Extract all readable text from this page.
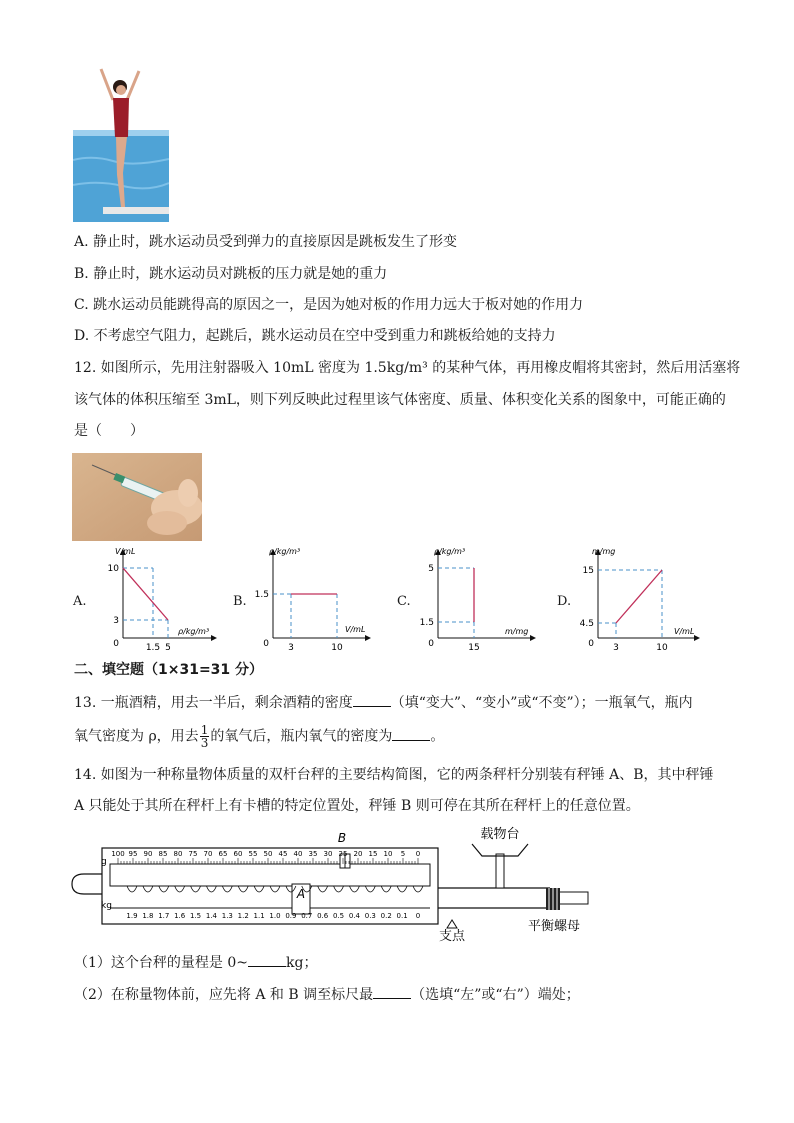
A. 静止时，跳水运动员受到弹力的直接原因是跳板发生了形变
B. 静止时，跳水运动员对跳板的压力就是她的重力
C. 跳水运动员能跳得高的原因之一，是因为她对板的作用力远大于板对她的作用力
D. 不考虑空气阻力，起跳后，跳水运动员在空中受到重力和跳板给她的支持力
12. 如图所示，先用注射器吸入 10mL 密度为 1.5kg/m³ 的某种气体，再用橡皮帽将其密封，然后用活塞将
该气体的体积压缩至 3mL，则下列反映此过程里该气体密度、质量、体积变化关系的图象中，可能正确的
是（　　）
A.
V/mL
ρ/kg/m³
10
3
0	1.5 5
B.
ρ/kg/m³
V/mL
1.5
0 3	10
C.
ρ/kg/m³
m/mg
5
1.5
0	15
D.
m/mg
V/mL
15
4.5
0 3	10
二、填空题（1×31=31 分）
13. 一瓶酒精，用去一半后，剩余酒精的密度	（填“变大”、“变小”或“不变”）；一瓶氧气，瓶内
氧气密度为 ρ，用去 $\frac{1}{3}$ 的氧气后，瓶内氧气的密度为	。
14. 如图为一种称量物体质量的双杆台秤的主要结构简图，它的两条秤杆分别装有秤锤 A、B，其中秤锤
A 只能处于其所在秤杆上有卡槽的特定位置处，秤锤 B 则可停在其所在秤杆上的任意位置。
100 95 90 85 80 75 70 65 60 55 50 45 40 35 30 25 20 15 10 5 0
1.9 1.8 1.7 1.6 1.5 1.4 1.3 1.2 1.1 1.0 0.9 0.7 0.6 0.5 0.4 0.3 0.2 0.1 0
B
A
g
kg
载物台
支点
平衡螺母
（1）这个台秤的量程是 0~	kg；
（2）在称量物体前，应先将 A 和 B 调至标尺最	（选填“左”或“右”）端处；
